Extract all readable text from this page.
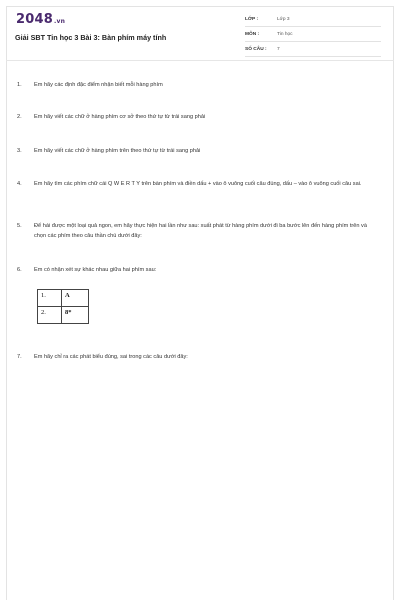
2048.vn
Giải SBT Tin học 3 Bài 3: Bàn phím máy tính
LỚP :	Lớp 3
MÔN :	Tin học
SỐ CÂU :	7
1.	Em hãy các định đặc điểm nhận biết mỗi hàng phím
2.	Em hãy viết các chữ ở hàng phím cơ sở theo thứ tự từ trái sang phải
3.	Em hãy viết các chữ ở hàng phím trên theo thứ tự từ trái sang phải
4.	Em hãy tìm các phím chữ cái Q W E R T Y trên bàn phím và điền dấu + vào ô vuông cuối câu đúng, dấu – vào ô vuông cuối câu sai.
5.	Để hái được một loại quả ngon, em hãy thực hiện hai lần như sau: xuất phát từ hàng phím dưới đi ba bước lên đến hàng phím trên và chọn các phím theo câu thần chú dưới đây:
6.	Em có nhận xét sự khác nhau giữa hai phím sau:
1.	A
2.	8*
7.	Em hãy chỉ ra các phát biểu đúng, sai trong các câu dưới đây:
